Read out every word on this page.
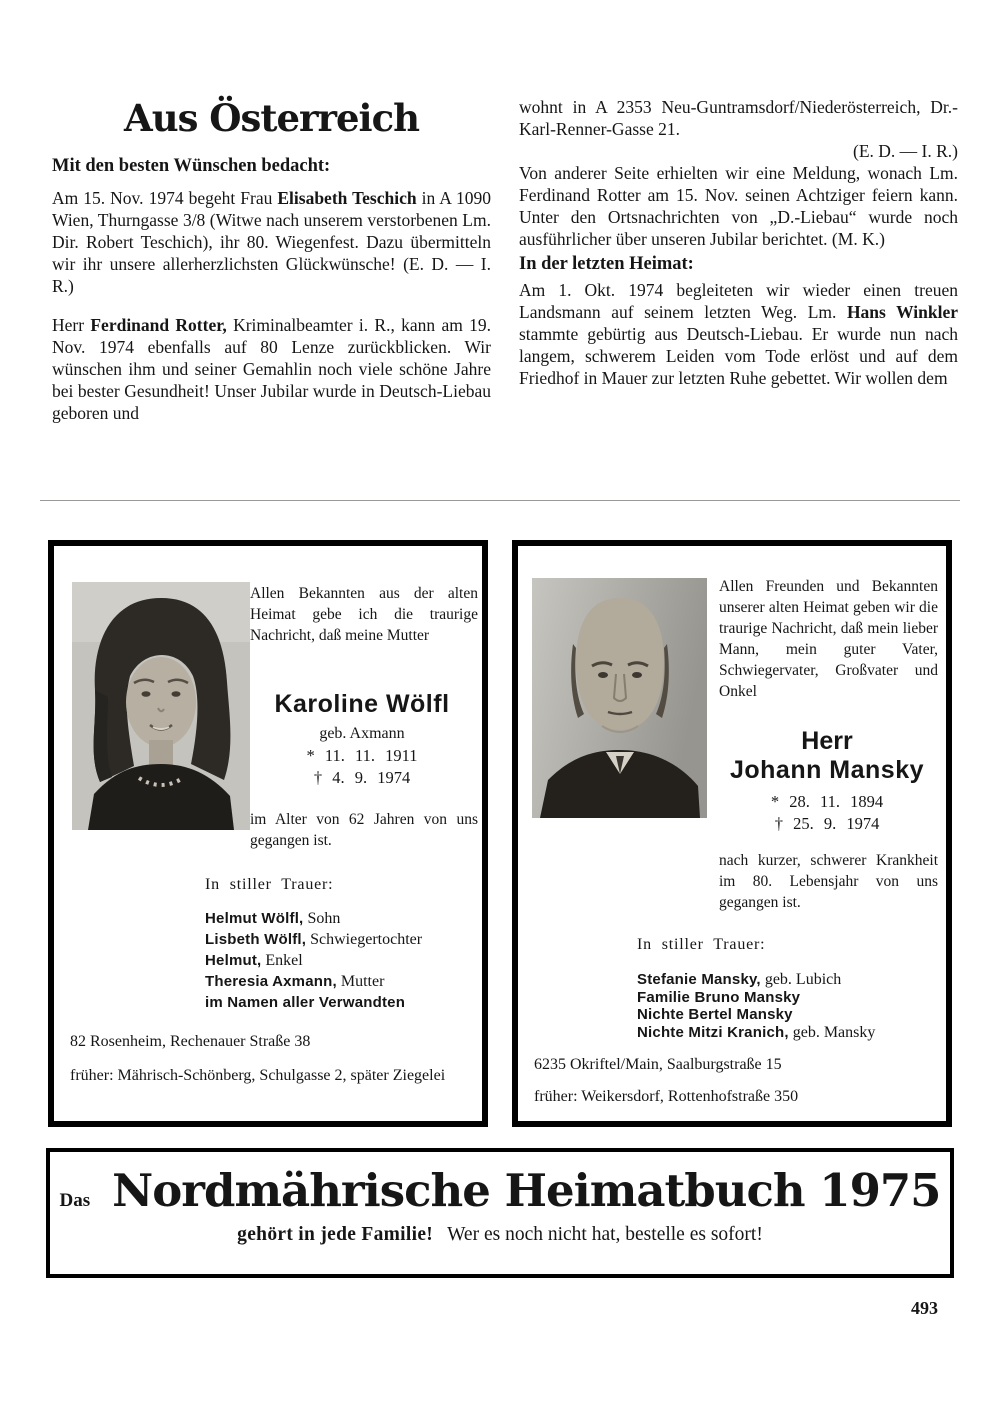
Aus Österreich
Mit den besten Wünschen bedacht:

Am 15. Nov. 1974 begeht Frau Elisabeth Teschich in A 1090 Wien, Thurngasse 3/8 (Witwe nach unserem verstorbenen Lm. Dir. Robert Teschich), ihr 80. Wiegenfest. Dazu übermitteln wir ihr unsere allerherzlichsten Glückwünsche! (E. D. — I. R.)

Herr Ferdinand Rotter, Kriminalbeamter i. R., kann am 19. Nov. 1974 ebenfalls auf 80 Lenze zurückblicken. Wir wünschen ihm und seiner Gemahlin noch viele schöne Jahre bei bester Gesundheit! Unser Jubilar wurde in Deutsch-Liebau geboren und

wohnt in A 2353 Neu-Guntramsdorf/Niederösterreich, Dr.-Karl-Renner-Gasse 21.

(E. D. — I. R.)

Von anderer Seite erhielten wir eine Meldung, wonach Lm. Ferdinand Rotter am 15. Nov. seinen Achtziger feiern kann. Unter den Ortsnachrichten von „D.-Liebau“ wurde noch ausführlicher über unseren Jubilar berichtet. (M. K.)

In der letzten Heimat:

Am 1. Okt. 1974 begleiteten wir wieder einen treuen Landsmann auf seinem letzten Weg. Lm. Hans Winkler stammte gebürtig aus Deutsch-Liebau. Er wurde nun nach langem, schwerem Leiden vom Tode erlöst und auf dem Friedhof in Mauer zur letzten Ruhe gebettet. Wir wollen dem

Allen Bekannten aus der alten Heimat gebe ich die traurige Nachricht, daß meine Mutter

Karoline Wölfl
geb. Axmann
* 11. 11. 1911
† 4. 9. 1974

im Alter von 62 Jahren von uns gegangen ist.

In stiller Trauer:
Helmut Wölfl, Sohn
Lisbeth Wölfl, Schwiegertochter
Helmut, Enkel
Theresia Axmann, Mutter
im Namen aller Verwandten
82 Rosenheim, Rechenauer Straße 38
früher: Mährisch-Schönberg, Schulgasse 2, später Ziegelei

Allen Freunden und Bekannten unserer alten Heimat geben wir die traurige Nachricht, daß mein lieber Mann, mein guter Vater, Schwiegervater, Großvater und Onkel

Herr
Johann Mansky
* 28. 11. 1894
† 25. 9. 1974

nach kurzer, schwerer Krankheit im 80. Lebensjahr von uns gegangen ist.

In stiller Trauer:
Stefanie Mansky, geb. Lubich
Familie Bruno Mansky
Nichte Bertel Mansky
Nichte Mitzi Kranich, geb. Mansky
6235 Okriftel/Main, Saalburgstraße 15
früher: Weikersdorf, Rottenhofstraße 350
Das Nordmährische Heimatbuch 1975
gehört in jede Familie! Wer es noch nicht hat, bestelle es sofort!
493
